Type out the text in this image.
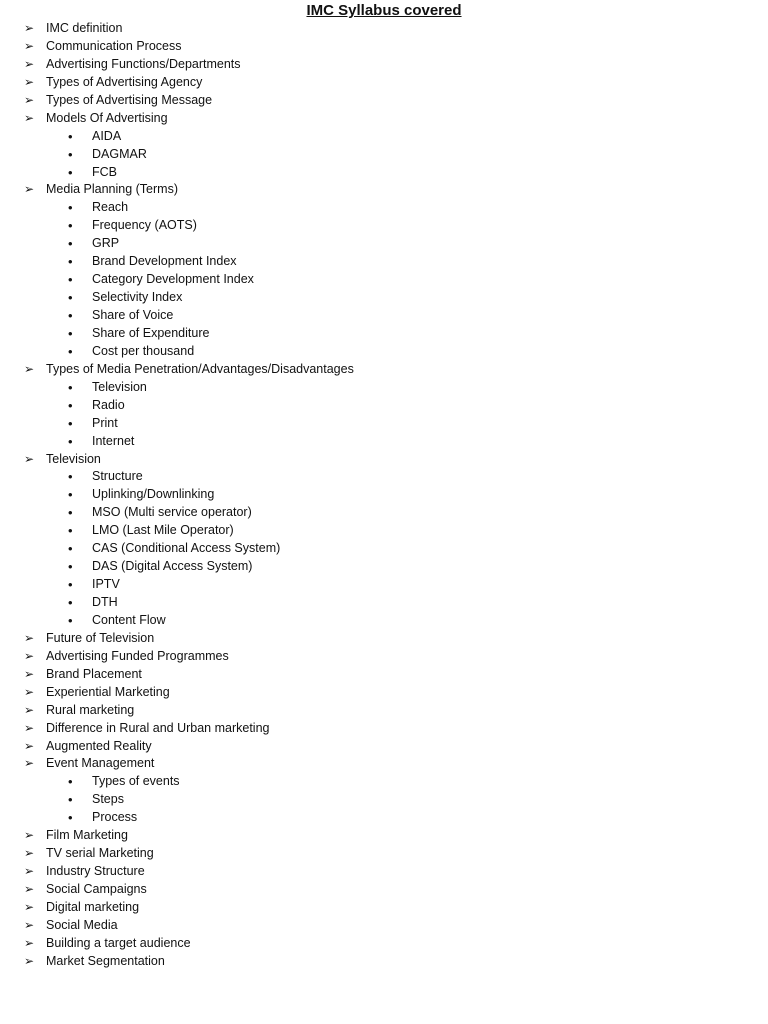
IMC Syllabus covered
➢ IMC definition
➢ Communication Process
➢ Advertising Functions/Departments
➢ Types of Advertising Agency
➢ Types of Advertising Message
➢ Models Of Advertising
• AIDA
• DAGMAR
• FCB
➢ Media Planning (Terms)
• Reach
• Frequency (AOTS)
• GRP
• Brand Development Index
• Category Development Index
• Selectivity Index
• Share of Voice
• Share of Expenditure
• Cost per thousand
➢ Types of Media Penetration/Advantages/Disadvantages
• Television
• Radio
• Print
• Internet
➢ Television
• Structure
• Uplinking/Downlinking
• MSO (Multi service operator)
• LMO (Last Mile Operator)
• CAS (Conditional Access System)
• DAS (Digital Access System)
• IPTV
• DTH
• Content Flow
➢ Future of Television
➢ Advertising Funded Programmes
➢ Brand Placement
➢ Experiential Marketing
➢ Rural marketing
➢ Difference in Rural and Urban marketing
➢ Augmented Reality
➢ Event Management
• Types of events
• Steps
• Process
➢ Film Marketing
➢ TV serial Marketing
➢ Industry Structure
➢ Social Campaigns
➢ Digital marketing
➢ Social Media
➢ Building a target audience
➢ Market Segmentation
